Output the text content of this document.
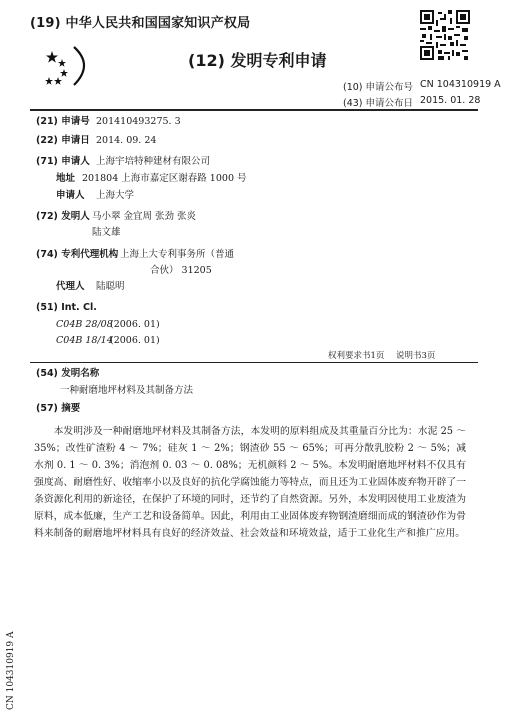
(19) 中华人民共和国国家知识产权局
(12) 发明专利申请
(10) 申请公布号 CN 104310919 A
(43) 申请公布日 2015. 01. 28
(21) 申请号 201410493275. 3
(22) 申请日 2014. 09. 24
(71) 申请人 上海宇培特种建材有限公司
地址 201804 上海市嘉定区谢春路 1000 号
申请人 上海大学
(72) 发明人 马小翠 金宜周 张劲 张炎
陆文雄
(74) 专利代理机构 上海上大专利事务所（普通
合伙） 31205
代理人 陆聪明
(51) Int. Cl.
C04B 28/08
(2006. 01)
C04B 18/14
(2006. 01)
权利要求书1页 说明书3页
(54) 发明名称
一种耐磨地坪材料及其制备方法
(57) 摘要
本发明涉及一种耐磨地坪材料及其制备方法，本发明的原料组成及其重量百分比为：水泥 25 ～ 35%；改性矿渣粉 4 ～ 7%；硅灰 1 ～ 2%；钢渣砂 55 ～ 65%；可再分散乳胶粉 2 ～ 5%；减水剂 0. 1 ～ 0. 3%；消泡剂 0. 03 ～ 0. 08%；无机颜料 2 ～ 5%。本发明耐磨地坪材料不仅具有强度高、耐磨性好、收缩率小以及良好的抗化学腐蚀能力等特点，而且还为工业固体废弃物开辟了一条资源化利用的新途径，在保护了环境的同时，还节约了自然资源。另外，本发明因使用工业废渣为原料，成本低廉，生产工艺和设备简单。因此，利用由工业固体废弃物钢渣磨细而成的钢渣砂作为骨料来制备的耐磨地坪材料具有良好的经济效益、社会效益和环境效益，适于工业化生产和推广应用。
CN 104310919 A
